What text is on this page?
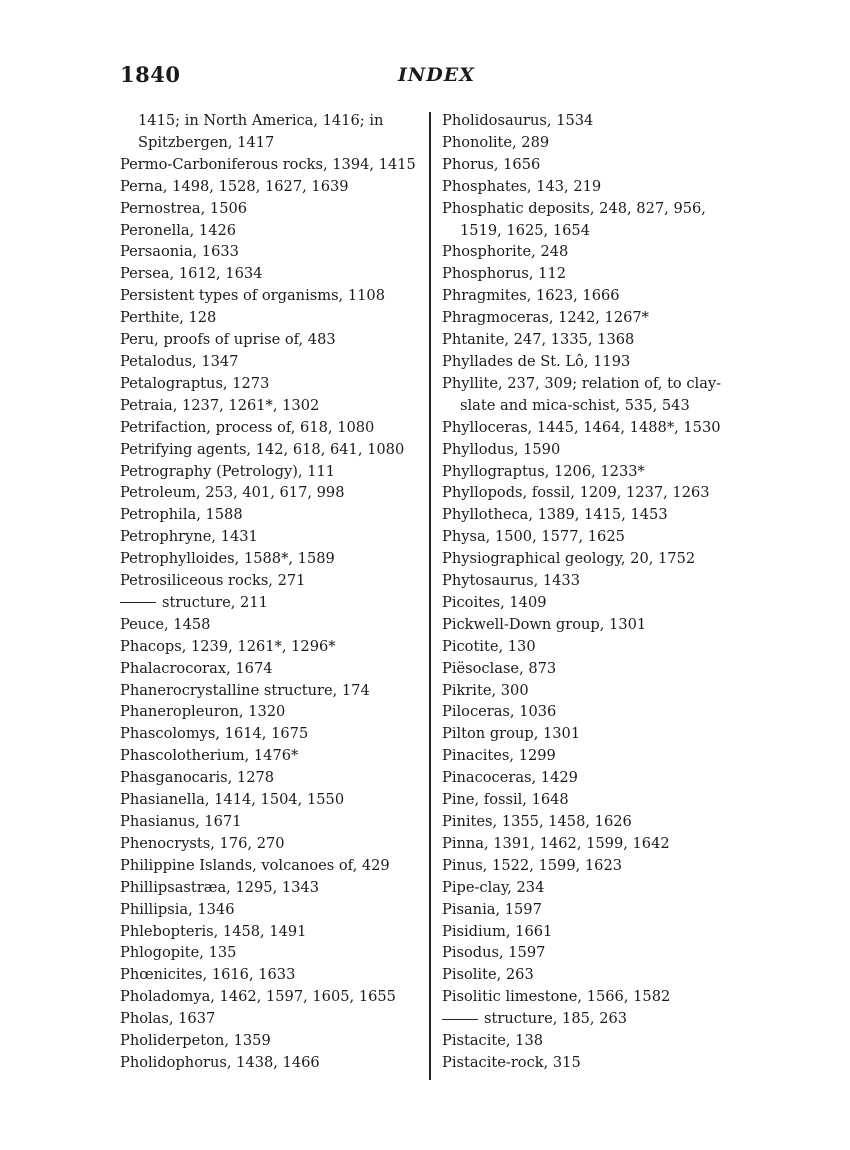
1840	INDEX
1415; in North America, 1416; in
Spitzbergen, 1417
Permo-Carboniferous rocks, 1394, 1415
Perna, 1498, 1528, 1627, 1639
Pernostrea, 1506
Peronella, 1426
Persaonia, 1633
Persea, 1612, 1634
Persistent types of organisms, 1108
Perthite, 128
Peru, proofs of uprise of, 483
Petalodus, 1347
Petalograptus, 1273
Petraia, 1237, 1261*, 1302
Petrifaction, process of, 618, 1080
Petrifying agents, 142, 618, 641, 1080
Petrography (Petrology), 111
Petroleum, 253, 401, 617, 998
Petrophila, 1588
Petrophryne, 1431
Petrophylloides, 1588*, 1589
Petrosiliceous rocks, 271
structure, 211
Peuce, 1458
Phacops, 1239, 1261*, 1296*
Phalacrocorax, 1674
Phanerocrystalline structure, 174
Phaneropleuron, 1320
Phascolomys, 1614, 1675
Phascolotherium, 1476*
Phasganocaris, 1278
Phasianella, 1414, 1504, 1550
Phasianus, 1671
Phenocrysts, 176, 270
Philippine Islands, volcanoes of, 429
Phillipsastræa, 1295, 1343
Phillipsia, 1346
Phlebopteris, 1458, 1491
Phlogopite, 135
Phœnicites, 1616, 1633
Pholadomya, 1462, 1597, 1605, 1655
Pholas, 1637
Pholiderpeton, 1359
Pholidophorus, 1438, 1466
Pholidosaurus, 1534
Phonolite, 289
Phorus, 1656
Phosphates, 143, 219
Phosphatic deposits, 248, 827, 956,
1519, 1625, 1654
Phosphorite, 248
Phosphorus, 112
Phragmites, 1623, 1666
Phragmoceras, 1242, 1267*
Phtanite, 247, 1335, 1368
Phyllades de St. Lô, 1193
Phyllite, 237, 309; relation of, to clay-
slate and mica-schist, 535, 543
Phylloceras, 1445, 1464, 1488*, 1530
Phyllodus, 1590
Phyllograptus, 1206, 1233*
Phyllopods, fossil, 1209, 1237, 1263
Phyllotheca, 1389, 1415, 1453
Physa, 1500, 1577, 1625
Physiographical geology, 20, 1752
Phytosaurus, 1433
Picoites, 1409
Pickwell-Down group, 1301
Picotite, 130
Piësoclase, 873
Pikrite, 300
Piloceras, 1036
Pilton group, 1301
Pinacites, 1299
Pinacoceras, 1429
Pine, fossil, 1648
Pinites, 1355, 1458, 1626
Pinna, 1391, 1462, 1599, 1642
Pinus, 1522, 1599, 1623
Pipe-clay, 234
Pisania, 1597
Pisidium, 1661
Pisodus, 1597
Pisolite, 263
Pisolitic limestone, 1566, 1582
structure, 185, 263
Pistacite, 138
Pistacite-rock, 315
